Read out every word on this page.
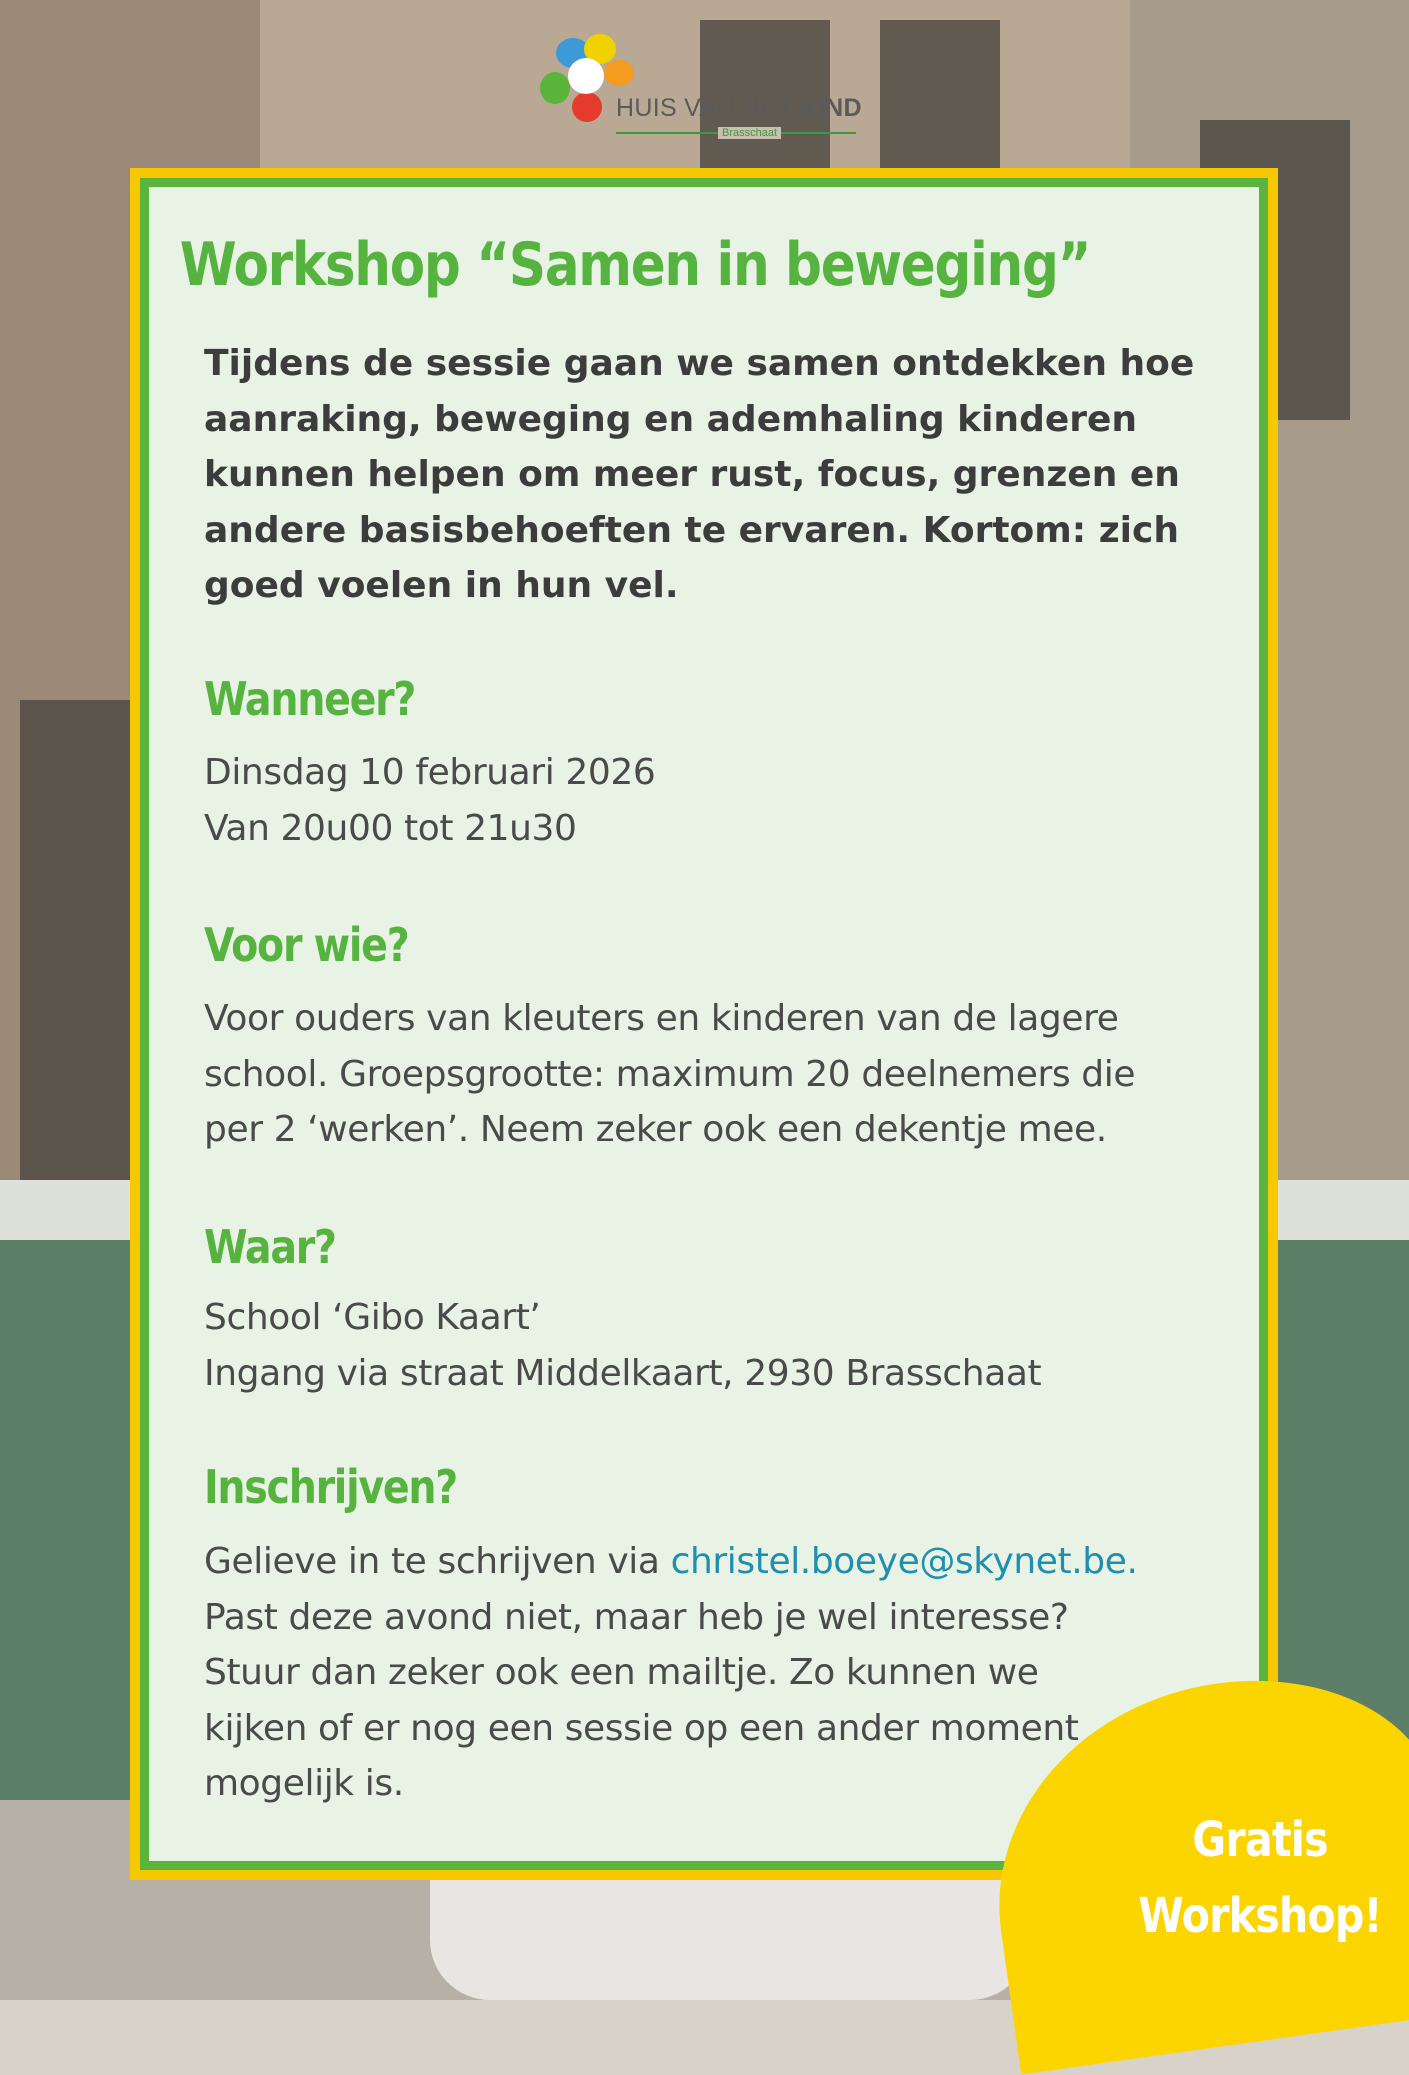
HUIS VAN HET KIND
Brasschaat
Workshop “Samen in beweging”

Tijdens de sessie gaan we samen ontdekken hoe aanraking, beweging en ademhaling kinderen kunnen helpen om meer rust, focus, grenzen en andere basisbehoeften te ervaren. Kortom: zich goed voelen in hun vel.

Wanneer?

Dinsdag 10 februari 2026
Van 20u00 tot 21u30

Voor wie?

Voor ouders van kleuters en kinderen van de lagere
school. Groepsgrootte: maximum 20 deelnemers die
per 2 ‘werken’. Neem zeker ook een dekentje mee.

Waar?

School ‘Gibo Kaart’
Ingang via straat Middelkaart, 2930 Brasschaat

Inschrijven?

Gelieve in te schrijven via christel.boeye@skynet.be.
Past deze avond niet, maar heb je wel interesse?
Stuur dan zeker ook een mailtje. Zo kunnen we
kijken of er nog een sessie op een ander moment
mogelijk is.

Gratis
Workshop!
